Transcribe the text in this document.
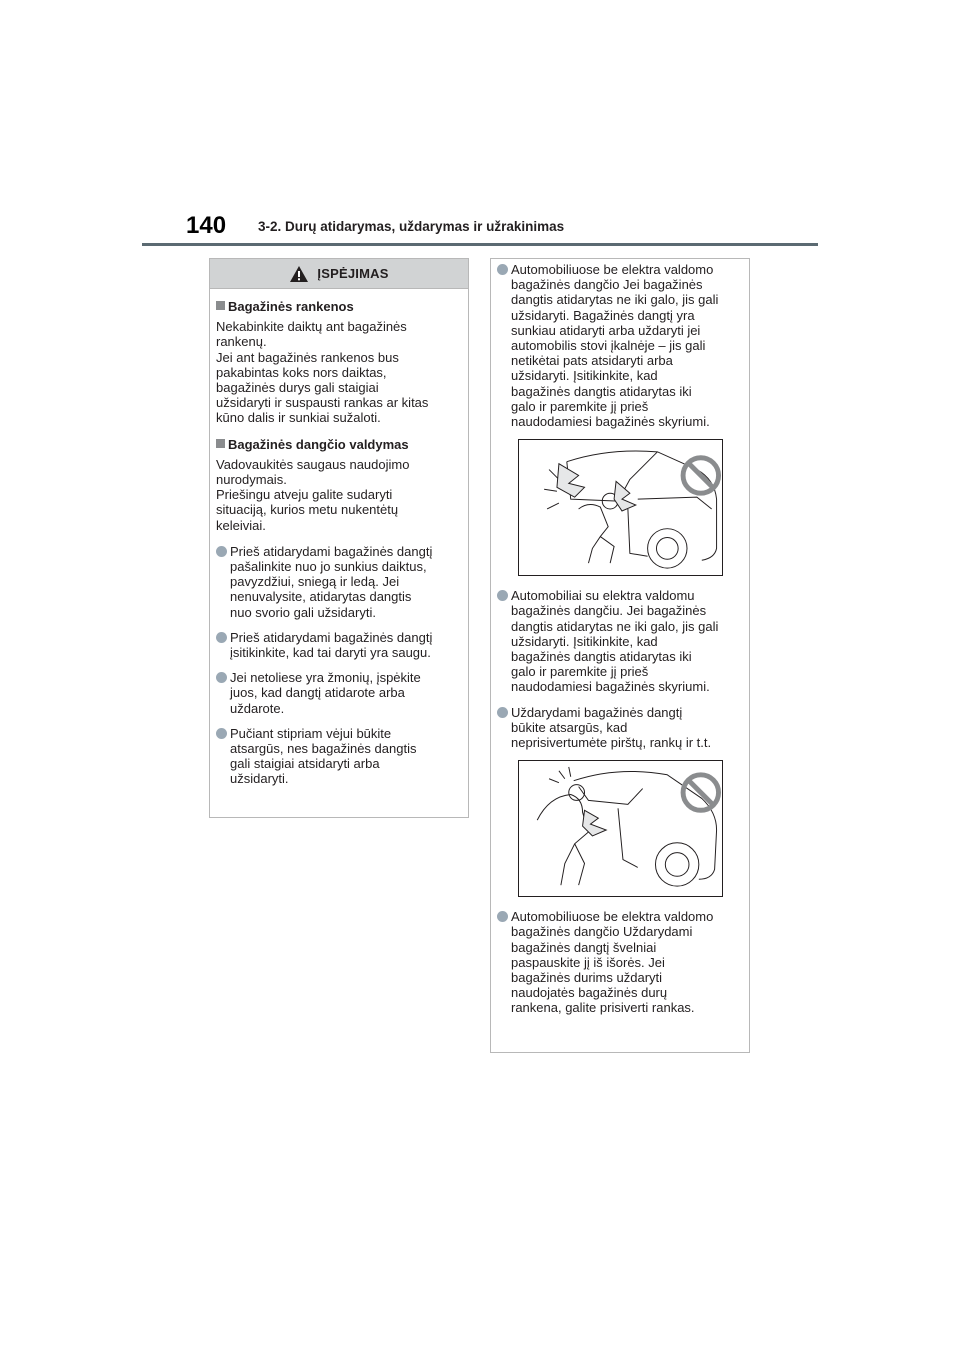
140 3-2. Durų atidarymas, uždarymas ir užrakinimas
ĮSPĖJIMAS
Bagažinės rankenos
Nekabinkite daiktų ant bagažinės
rankenų.
Jei ant bagažinės rankenos bus
pakabintas koks nors daiktas,
bagažinės durys gali staigiai
užsidaryti ir suspausti rankas ar kitas
kūno dalis ir sunkiai sužaloti.
Bagažinės dangčio valdymas
Vadovaukitės saugaus naudojimo
nurodymais.
Priešingu atveju galite sudaryti
situaciją, kurios metu nukentėtų
keleiviai.
Prieš atidarydami bagažinės dangtį
pašalinkite nuo jo sunkius daiktus,
pavyzdžiui, sniegą ir ledą. Jei
nenuvalysite, atidarytas dangtis
nuo svorio gali užsidaryti.
Prieš atidarydami bagažinės dangtį
įsitikinkite, kad tai daryti yra saugu.
Jei netoliese yra žmonių, įspėkite
juos, kad dangtį atidarote arba
uždarote.
Pučiant stipriam vėjui būkite
atsargūs, nes bagažinės dangtis
gali staigiai atsidaryti arba
užsidaryti.
Automobiliuose be elektra valdomo
bagažinės dangčio Jei bagažinės
dangtis atidarytas ne iki galo, jis gali
užsidaryti. Bagažinės dangtį yra
sunkiau atidaryti arba uždaryti jei
automobilis stovi įkalnėje – jis gali
netikėtai pats atsidaryti arba
užsidaryti. Įsitikinkite, kad
bagažinės dangtis atidarytas iki
galo ir paremkite jį prieš
naudodamiesi bagažinės skyriumi.
Automobiliai su elektra valdomu
bagažinės dangčiu. Jei bagažinės
dangtis atidarytas ne iki galo, jis gali
užsidaryti. Įsitikinkite, kad
bagažinės dangtis atidarytas iki
galo ir paremkite jį prieš
naudodamiesi bagažinės skyriumi.
Uždarydami bagažinės dangtį
būkite atsargūs, kad
neprisivertumėte pirštų, rankų ir t.t.
Automobiliuose be elektra valdomo
bagažinės dangčio Uždarydami
bagažinės dangtį švelniai
paspauskite jį iš išorės. Jei
bagažinės durims uždaryti
naudojatės bagažinės durų
rankena, galite prisiverti rankas.
